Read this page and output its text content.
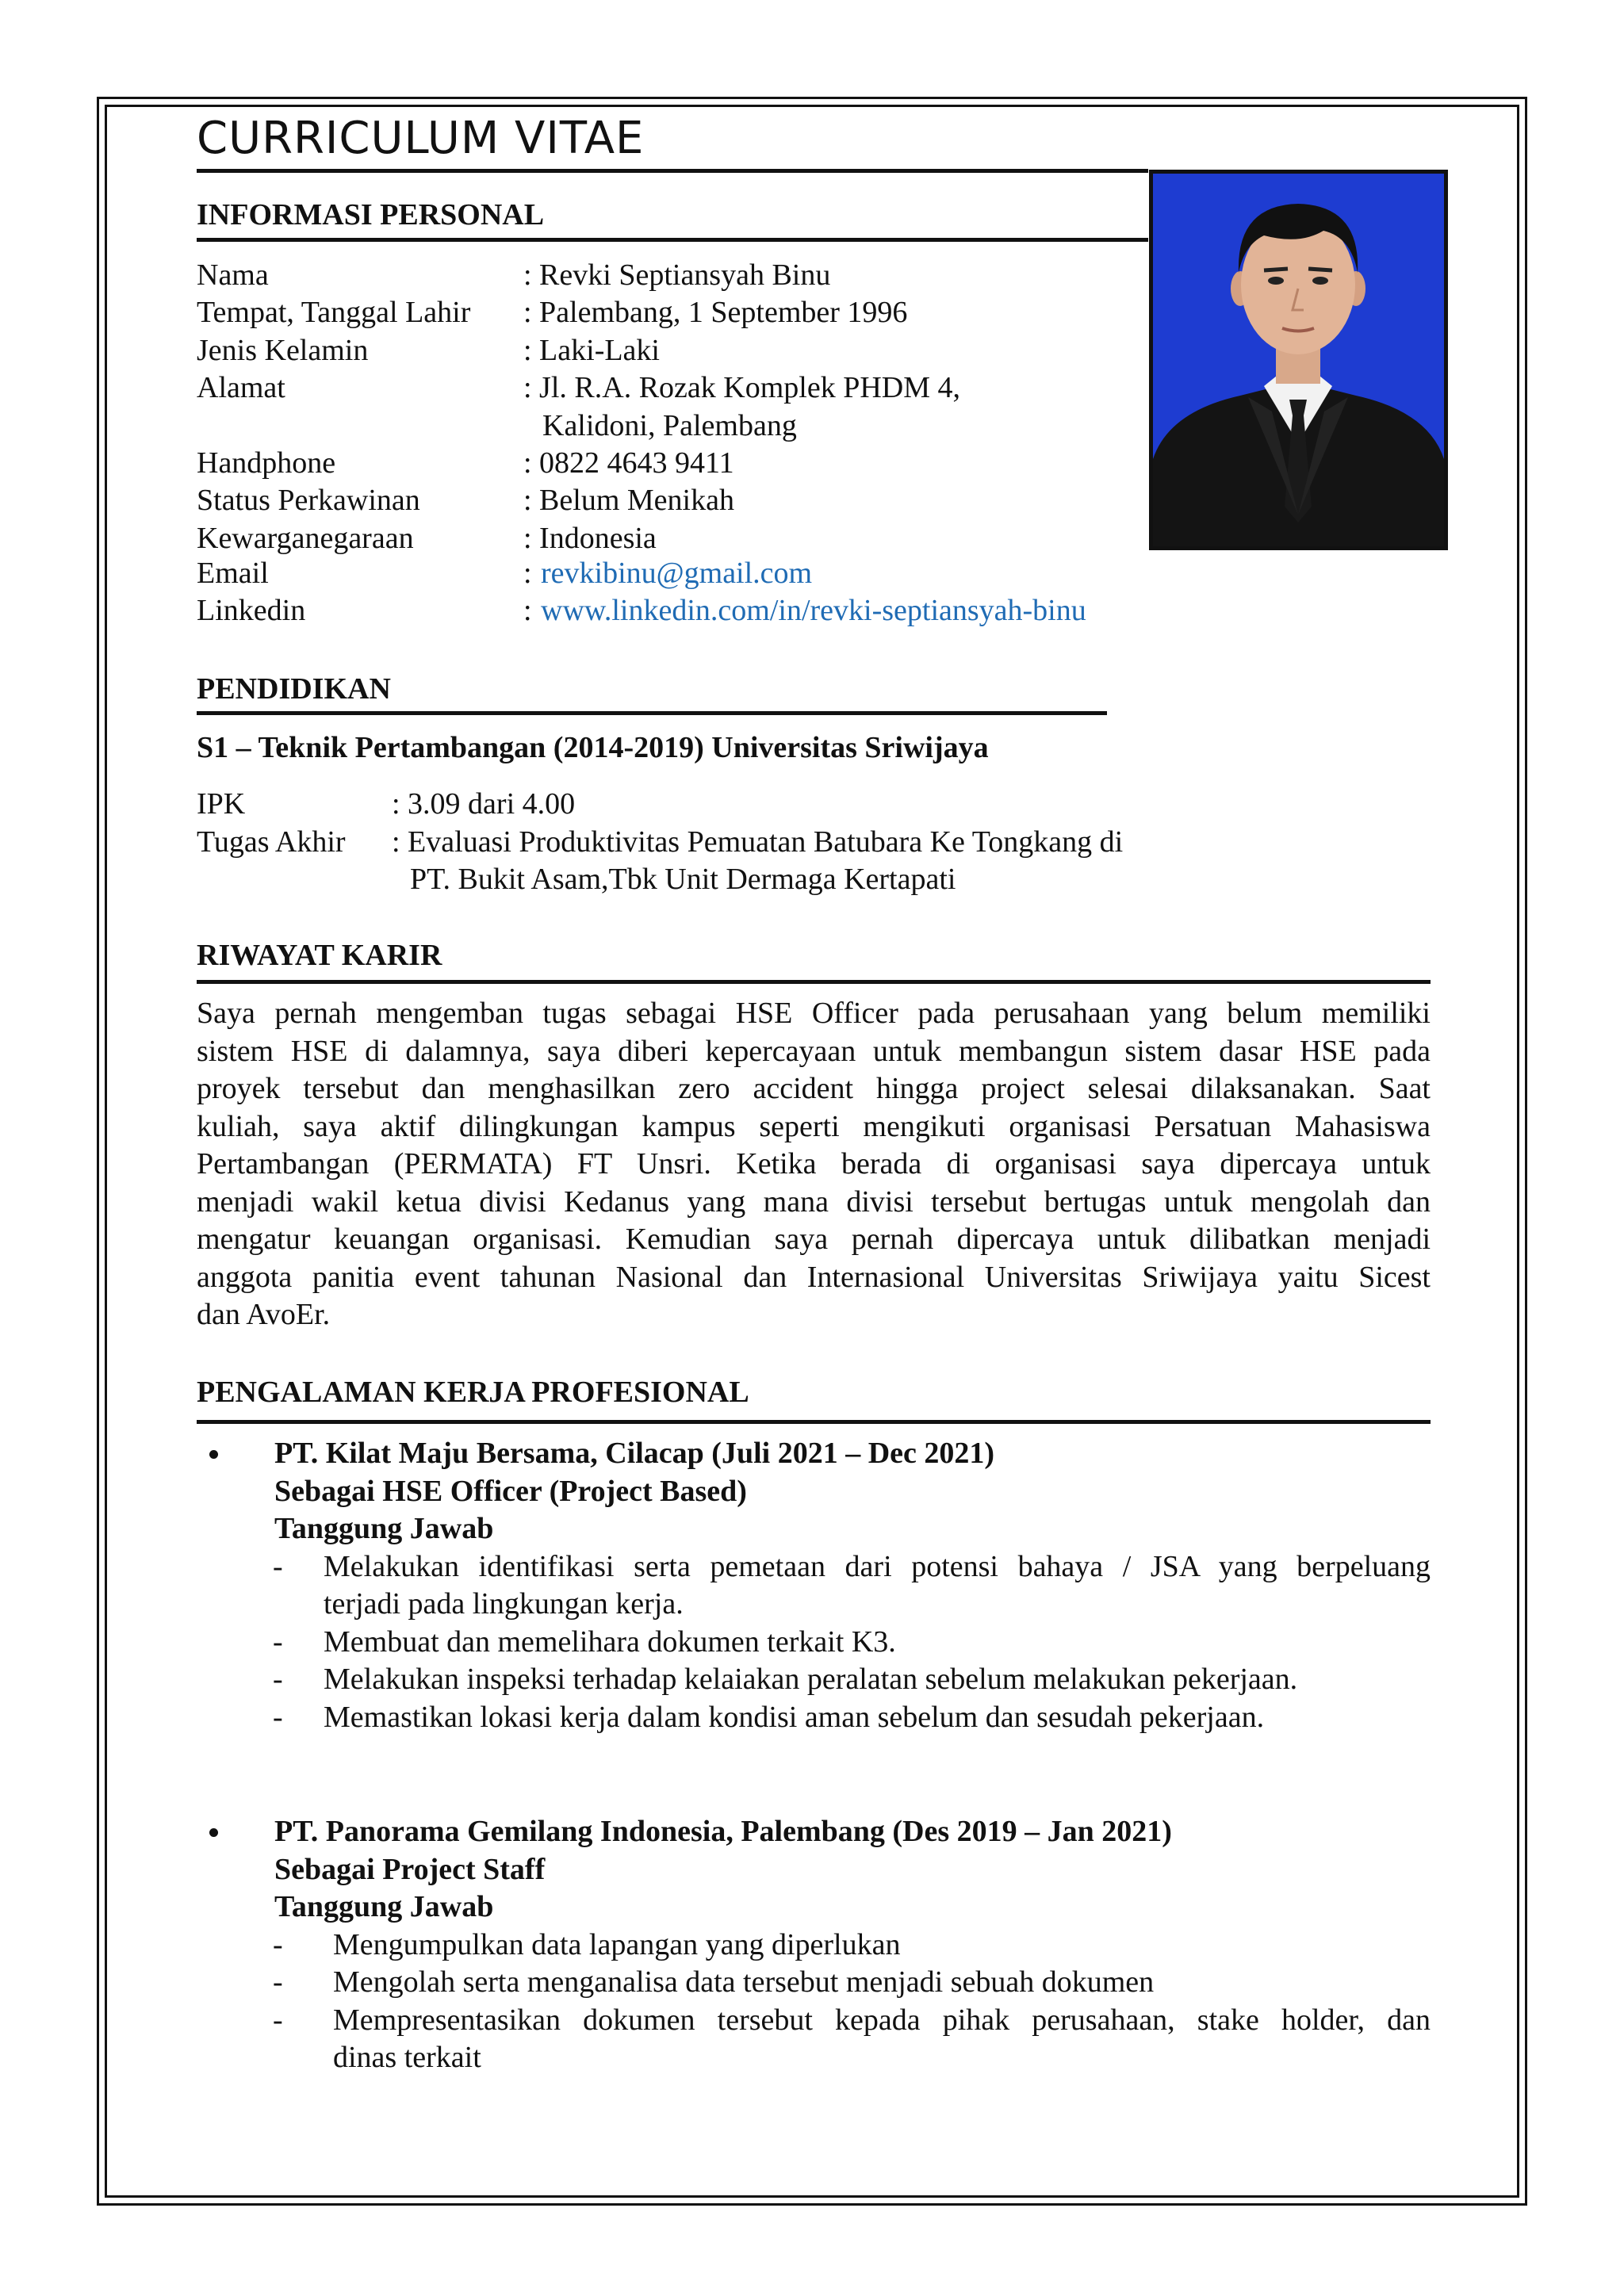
CURRICULUM VITAE
INFORMASI PERSONAL
Nama	: Revki Septiansyah Binu
Tempat, Tanggal Lahir : Palembang, 1 September 1996
Jenis Kelamin	: Laki-Laki
Alamat	: Jl. R.A. Rozak Komplek PHDM 4,
Kalidoni, Palembang
Handphone	: 0822 4643 9411
Status Perkawinan	: Belum Menikah
Kewarganegaraan	: Indonesia
Email	: revkibinu@gmail.com
Linkedin	: www.linkedin.com/in/revki-septiansyah-binu
PENDIDIKAN
S1 – Teknik Pertambangan (2014-2019) Universitas Sriwijaya
IPK	: 3.09 dari 4.00
Tugas Akhir : Evaluasi Produktivitas Pemuatan Batubara Ke Tongkang di
PT. Bukit Asam,Tbk Unit Dermaga Kertapati
RIWAYAT KARIR
Saya pernah mengemban tugas sebagai HSE Officer pada perusahaan yang belum memiliki
sistem HSE di dalamnya, saya diberi kepercayaan untuk membangun sistem dasar HSE pada
proyek tersebut dan menghasilkan zero accident hingga project selesai dilaksanakan. Saat
kuliah, saya aktif dilingkungan kampus seperti mengikuti organisasi Persatuan Mahasiswa
Pertambangan (PERMATA) FT Unsri. Ketika berada di organisasi saya dipercaya untuk
menjadi wakil ketua divisi Kedanus yang mana divisi tersebut bertugas untuk mengolah dan
mengatur keuangan organisasi. Kemudian saya pernah dipercaya untuk dilibatkan menjadi
anggota panitia event tahunan Nasional dan Internasional Universitas Sriwijaya yaitu Sicest
dan AvoEr.
PENGALAMAN KERJA PROFESIONAL
PT. Kilat Maju Bersama, Cilacap (Juli 2021 – Dec 2021)
Sebagai HSE Officer (Project Based)
Tanggung Jawab
- Melakukan identifikasi serta pemetaan dari potensi bahaya / JSA yang berpeluang
terjadi pada lingkungan kerja.
- Membuat dan memelihara dokumen terkait K3.
- Melakukan inspeksi terhadap kelaiakan peralatan sebelum melakukan pekerjaan.
- Memastikan lokasi kerja dalam kondisi aman sebelum dan sesudah pekerjaan.
PT. Panorama Gemilang Indonesia, Palembang (Des 2019 – Jan 2021)
Sebagai Project Staff
Tanggung Jawab
- Mengumpulkan data lapangan yang diperlukan
- Mengolah serta menganalisa data tersebut menjadi sebuah dokumen
- Mempresentasikan dokumen tersebut kepada pihak perusahaan, stake holder, dan
dinas terkait
